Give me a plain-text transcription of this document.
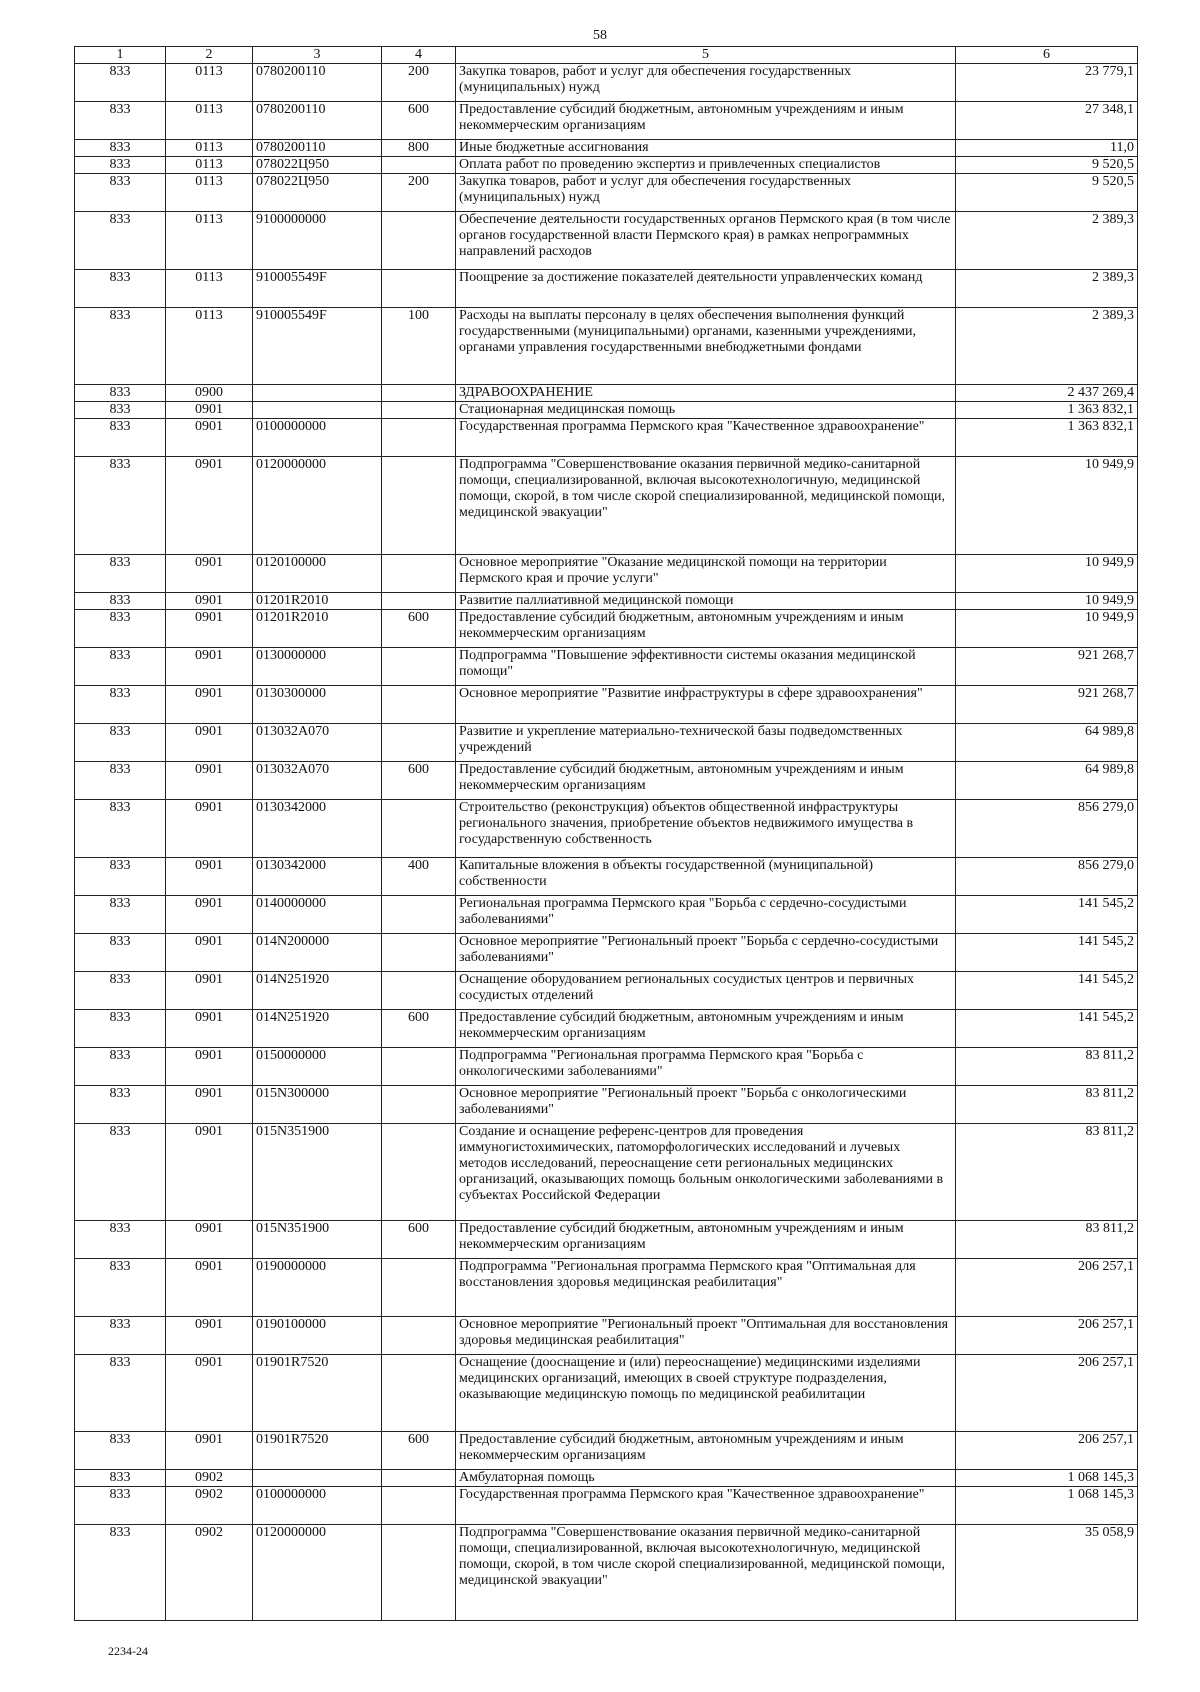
58
1	2	3	4	5	6
833	0113	0780200110	200	Закупка товаров, работ и услуг для обеспечения государственных (муниципальных) нужд	23 779,1
833	0113	0780200110	600	Предоставление субсидий бюджетным, автономным учреждениям и иным некоммерческим организациям	27 348,1
833	0113	0780200110	800	Иные бюджетные ассигнования	11,0
833	0113	078022Ц950		Оплата работ по проведению экспертиз и привлеченных специалистов	9 520,5
833	0113	078022Ц950	200	Закупка товаров, работ и услуг для обеспечения государственных (муниципальных) нужд	9 520,5
833	0113	9100000000		Обеспечение деятельности государственных органов Пермского края (в том числе органов государственной власти Пермского края) в рамках непрограммных направлений расходов	2 389,3
833	0113	910005549F		Поощрение за достижение показателей деятельности управленческих команд	2 389,3
833	0113	910005549F	100	Расходы на выплаты персоналу в целях обеспечения выполнения функций государственными (муниципальными) органами, казенными учреждениями, органами управления государственными внебюджетными фондами	2 389,3
833	0900			ЗДРАВООХРАНЕНИЕ	2 437 269,4
833	0901			Стационарная медицинская помощь	1 363 832,1
833	0901	0100000000		Государственная программа Пермского края "Качественное здравоохранение"	1 363 832,1
833	0901	0120000000		Подпрограмма "Совершенствование оказания первичной медико-санитарной помощи, специализированной, включая высокотехнологичную, медицинской помощи, скорой, в том числе скорой специализированной, медицинской помощи, медицинской эвакуации"	10 949,9
833	0901	0120100000		Основное мероприятие "Оказание медицинской помощи на территории Пермского края и прочие услуги"	10 949,9
833	0901	01201R2010		Развитие паллиативной медицинской помощи	10 949,9
833	0901	01201R2010	600	Предоставление субсидий бюджетным, автономным учреждениям и иным некоммерческим организациям	10 949,9
833	0901	0130000000		Подпрограмма "Повышение эффективности системы оказания медицинской помощи"	921 268,7
833	0901	0130300000		Основное мероприятие "Развитие инфраструктуры в сфере здравоохранения"	921 268,7
833	0901	013032А070		Развитие и укрепление материально-технической базы подведомственных учреждений	64 989,8
833	0901	013032А070	600	Предоставление субсидий бюджетным, автономным учреждениям и иным некоммерческим организациям	64 989,8
833	0901	0130342000		Строительство (реконструкция) объектов общественной инфраструктуры регионального значения, приобретение объектов недвижимого имущества в государственную собственность	856 279,0
833	0901	0130342000	400	Капитальные вложения в объекты государственной (муниципальной) собственности	856 279,0
833	0901	0140000000		Региональная программа Пермского края "Борьба с сердечно-сосудистыми заболеваниями"	141 545,2
833	0901	014N200000		Основное мероприятие "Региональный проект "Борьба с сердечно-сосудистыми заболеваниями"	141 545,2
833	0901	014N251920		Оснащение оборудованием региональных сосудистых центров и первичных сосудистых отделений	141 545,2
833	0901	014N251920	600	Предоставление субсидий бюджетным, автономным учреждениям и иным некоммерческим организациям	141 545,2
833	0901	0150000000		Подпрограмма "Региональная программа Пермского края "Борьба с онкологическими заболеваниями"	83 811,2
833	0901	015N300000		Основное мероприятие "Региональный проект "Борьба с онкологическими заболеваниями"	83 811,2
833	0901	015N351900		Создание и оснащение референс-центров для проведения иммуногистохимических, патоморфологических исследований и лучевых методов исследований, переоснащение сети региональных медицинских организаций, оказывающих помощь больным онкологическими заболеваниями в субъектах Российской Федерации	83 811,2
833	0901	015N351900	600	Предоставление субсидий бюджетным, автономным учреждениям и иным некоммерческим организациям	83 811,2
833	0901	0190000000		Подпрограмма "Региональная программа Пермского края "Оптимальная для восстановления здоровья медицинская реабилитация"	206 257,1
833	0901	0190100000		Основное мероприятие "Региональный проект "Оптимальная для восстановления здоровья медицинская реабилитация"	206 257,1
833	0901	01901R7520		Оснащение (дооснащение и (или) переоснащение) медицинскими изделиями медицинских организаций, имеющих в своей структуре подразделения, оказывающие медицинскую помощь по медицинской реабилитации	206 257,1
833	0901	01901R7520	600	Предоставление субсидий бюджетным, автономным учреждениям и иным некоммерческим организациям	206 257,1
833	0902			Амбулаторная помощь	1 068 145,3
833	0902	0100000000		Государственная программа Пермского края "Качественное здравоохранение"	1 068 145,3
833	0902	0120000000		Подпрограмма "Совершенствование оказания первичной медико-санитарной помощи, специализированной, включая высокотехнологичную, медицинской помощи, скорой, в том числе скорой специализированной, медицинской помощи, медицинской эвакуации"	35 058,9
2234-24
